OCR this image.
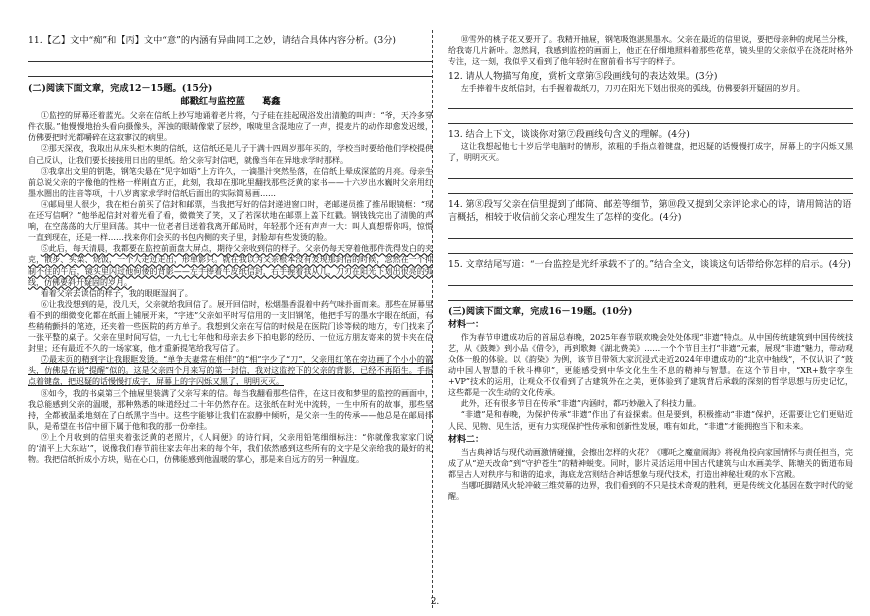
11.【乙】文中“痴”和【丙】文中“意”的内涵有异曲同工之妙，请结合具体内容分析。(3分)

(二)阅读下面文章，完成12－15题。(15分)

邮戳红与监控蓝 葛鑫

①监控的屏幕还着蓝光。父亲在信纸上抄写地诵着老片将，勺子硅在挂起砚浴发出清脆的叫声：“爷，天冷多穿件衣服。”他慢慢地抬头看向摄像头，浑浊的眼睛像蒙了层纱，喉咙里含混地应了一声，提麦片的动作却愈发迟缓，仿佛要把时光都嚼碎在这寂寥汉的病里。

②那天深夜，我取出从床头柜木奥的信纸，这信纸还是儿子于满十四周岁那年买的，学校当时要给他们学校提供自己反认，让我们要长接接用日出的里纸。给父亲写封信吧，就像当年在异地求学时那样。

③我拿出文里的钥匙，钢笔尖悬在“见字如晤”上方许久，一滴墨汁突然坠落，在信纸上晕成深蓝的月亮。母亲生前总说父亲的字像他的性格一样刚直方正，此刻，我却在那叱里翻找那些泛黄的家书——十六岁出水巍时父亲用红墨水圈出的注音等项，十八岁离家求学时信纸后面出的实际简易画……

④邮局里人很少，我在柜台前买了信封和邮票，当我把写好的信封递进窗口时，老邮递员推了推吊眼镜框：“现在还写信啊？”他举起信封对着光看了看，微微笑了笑，又了若深状地在邮票上盖下红戳。钢钱钱完出了清脆的声响，在空荡荡的大厅里回荡。其中一位老者目送着我离开邮局时，年轻那个还有声声一大：叫人真想帮你吗，惊慌一直到现在，还是一样……找来你们会买的书包内侧的夹子里，封脸却有些发烫的脸。

⑤此后，每天清晨，我都要在监控前面盘大屏点，期待父亲收到信的样子。父亲仍每天穿着他那件洗得发白的夹克，散步、买菜、烧饭，一个人走过走出，形单影只。就在我以为父亲根本没有发现那封信的时候，忽然在一个抑制不住的午后，镜头里闪过他佝偻的背影——左手捧着牛皮纸信封，右手握着我从几，刀刃在阳光下划出很亮的弧线，仿佛要斜开疑固的岁月。

看着父亲去读信的样子，我的眼眶湿润了。

⑥让我没想到的是，没几天，父亲就给我回信了。展开回信时，松烟墨香混着中药气味扑面而来。那些在屏幕里看不到的细微变化都在纸面上铺展开来，“字迹”父亲如平时写信用的一支旧钢笔，他把手写的墨水字眼在纸面，有些稍稍颤抖的笔迹，还夹着一些医院的药方单子。我想到父亲在写信的时候是在医院门诊等候的地方，专门找来了一张平整的桌子。父亲在里时间写信，一九七七年他和母亲去乡下拍电影的经历、一位远方朋友寄来的贺卡夹在信封里；还有最近不久的一场家宴，他才重新提笔给我写信了。

⑦最末页的精到字让我眼眶发烫。“单争夫妻常在相伴”的“相”字少了“刀”，父亲用红笔在旁边画了个小小的箭头，仿佛是在说“提醒”似的。这是父亲四个月来写的第一封信，我对这监控下的父亲的背影，已经不再陌生。手指点着键盘，把迟疑的话慢慢打成字，屏幕上的字闪烁又黑了，明明灭灭。

⑧如今，我的书桌第三个抽屉里装满了父亲写来的信。每当我翻看那些信件，在这日夜和梦里的监控的画面中，我总能感到父亲的温暖，那种熟悉的味道经过二十年仍然存在。这张纸在时光中流转，一生中所有的故事，那些坚持，全都被温柔地刻在了白纸黑字当中。这些字能够让我们在寂静中倾听，是父亲一生的传承——他总是在邮局排队，是希望在书信中留下属于他和我的那一份牵挂。

⑨上个月收到的信里夹着张泛黄的老照片，《人间便》的诗行间，父亲用铅笔细细标注：“你就像我家家门说的‘清平上大东站’”，说像我们春节前往家去年出来的每个年，我们依然感到这些所有的文字是父亲给我的最好的礼物。我把信纸折成小方块，贴在心口，仿佛能感到他温暖的掌心，那是来自远方的另一种温度。

⑩雪外的桃子花又要开了。我精开抽屉，钢笔吸饱湛黑墨水。父亲在最近的信里说，要把母亲种的虎尾兰分株，给我寄几片新叶。忽然间，我感到监控的画面上，他正在仔细地照料着那些花草，镜头里的父亲似乎在浇花时格外专注，这一刻，我似乎又看到了他年轻时在窗前看书写字的样子。

12. 请从人物描写角度，赏析文章第⑤段画线句的表达效果。(3分)

左手捧着牛皮纸信封，右手握着裁纸刀，刀刃在阳光下划出很亮的弧线，仿佛要斜开疑固的岁月。

13. 结合上下文，谈谈你对第⑦段画线句含义的理解。(4分)

这让我想起他七十岁后学电脑时的情形，浓粗的手指点着键盘，把迟疑的话慢慢打成字，屏幕上的字闪烁又黑了，明明灭灭。

14. 第⑧段写父亲在信里提到了邮筒、邮差等细节，第⑩段又提到父亲评论求心的诗，请用简洁的语言概括，相较于收信前父亲心理发生了怎样的变化。(4分)

15. 文章结尾写道：“一台监控是光纤承载不了的。”结合全文，谈谈这句话带给你怎样的启示。(4分)

(三)阅读下面文章，完成16－19题。(10分)

材料一：

作为春节申遗成功后的首届总春晚，2025年春节联欢晚会处处体现“非遗”特点。从中国传统建筑到中国传统技艺，从《鼓舞》到小品《借令》，再到歌舞《湖北费美》……一个个节目主打“非遗”元素，展现“非遗”魅力，带动观众体一般的体验。以《韵染》为例，该节目带领大家沉浸式走近2024年申遗成功的“北京中轴线”，不仅认识了“鼓动中国人智慧的千秋斗榫卯”，更能感受到中华文化生生不息的精神与智慧。在这个节目中，“XR+数字孪生+VP”技术的运用，让观众不仅看到了古建筑外在之美，更体验到了建筑背后承载的深刻的哲学思想与历史记忆，这些都是一次生动的文化传承。

此外，还有很多节目在传承“非遗”内涵时，都巧妙融入了科技力量。

“非遗”是和春晚，为保护传承“非遗”作出了有益探索。但是要到，积极推动“非遗”保护，还需要让它们更贴近人民、见物、见生活，更有力实现保护性传承和创新性发展，唯有如此，“非遗”才能拥抱当下和未来。

材料二：

当古典神话与现代动画激情碰撞，会擦出怎样的火花？《哪吒之魔童闹海》将视角投向家国情怀与责任担当，完成了从“逆天改命”到“守护苍生”的精神蜕变。同时，影片灵活运用中国古代建筑与山水画美学、陈塘关的衙道布局都呈古人对秩序与和谐的追求，海底龙宫则结合神话想象与现代技术，打造出神秘壮观的水下宫殿。

当哪吒脚踏风火轮冲破三维荧幕的边界，我们看到的不只是技术奇观的胜利，更是传统文化基因在数字时代的觉醒。

2.
